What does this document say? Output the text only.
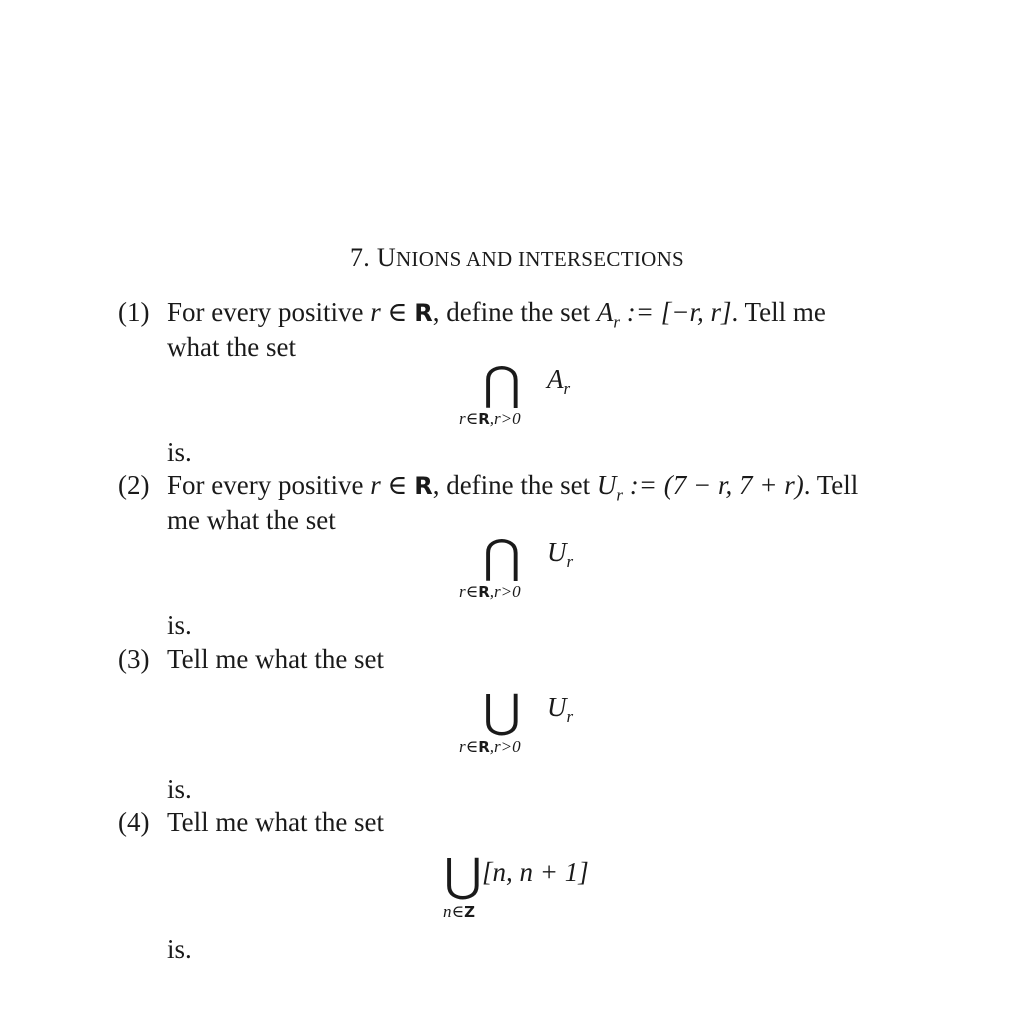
7. UNIONS AND INTERSECTIONS
(1) For every positive r ∈ R, define the set $A_r$ := [−r, r]. Tell me
what the set
⋂
r∈R,r>0
$A_r$
is.
(2) For every positive r ∈ R, define the set $U_r$ := (7 − r, 7 + r). Tell
me what the set
⋂
r∈R,r>0
$U_r$
is.
(3) Tell me what the set
⋃
r∈R,r>0
$U_r$
is.
(4) Tell me what the set
⋃
n∈Z
[n, n + 1]
is.
